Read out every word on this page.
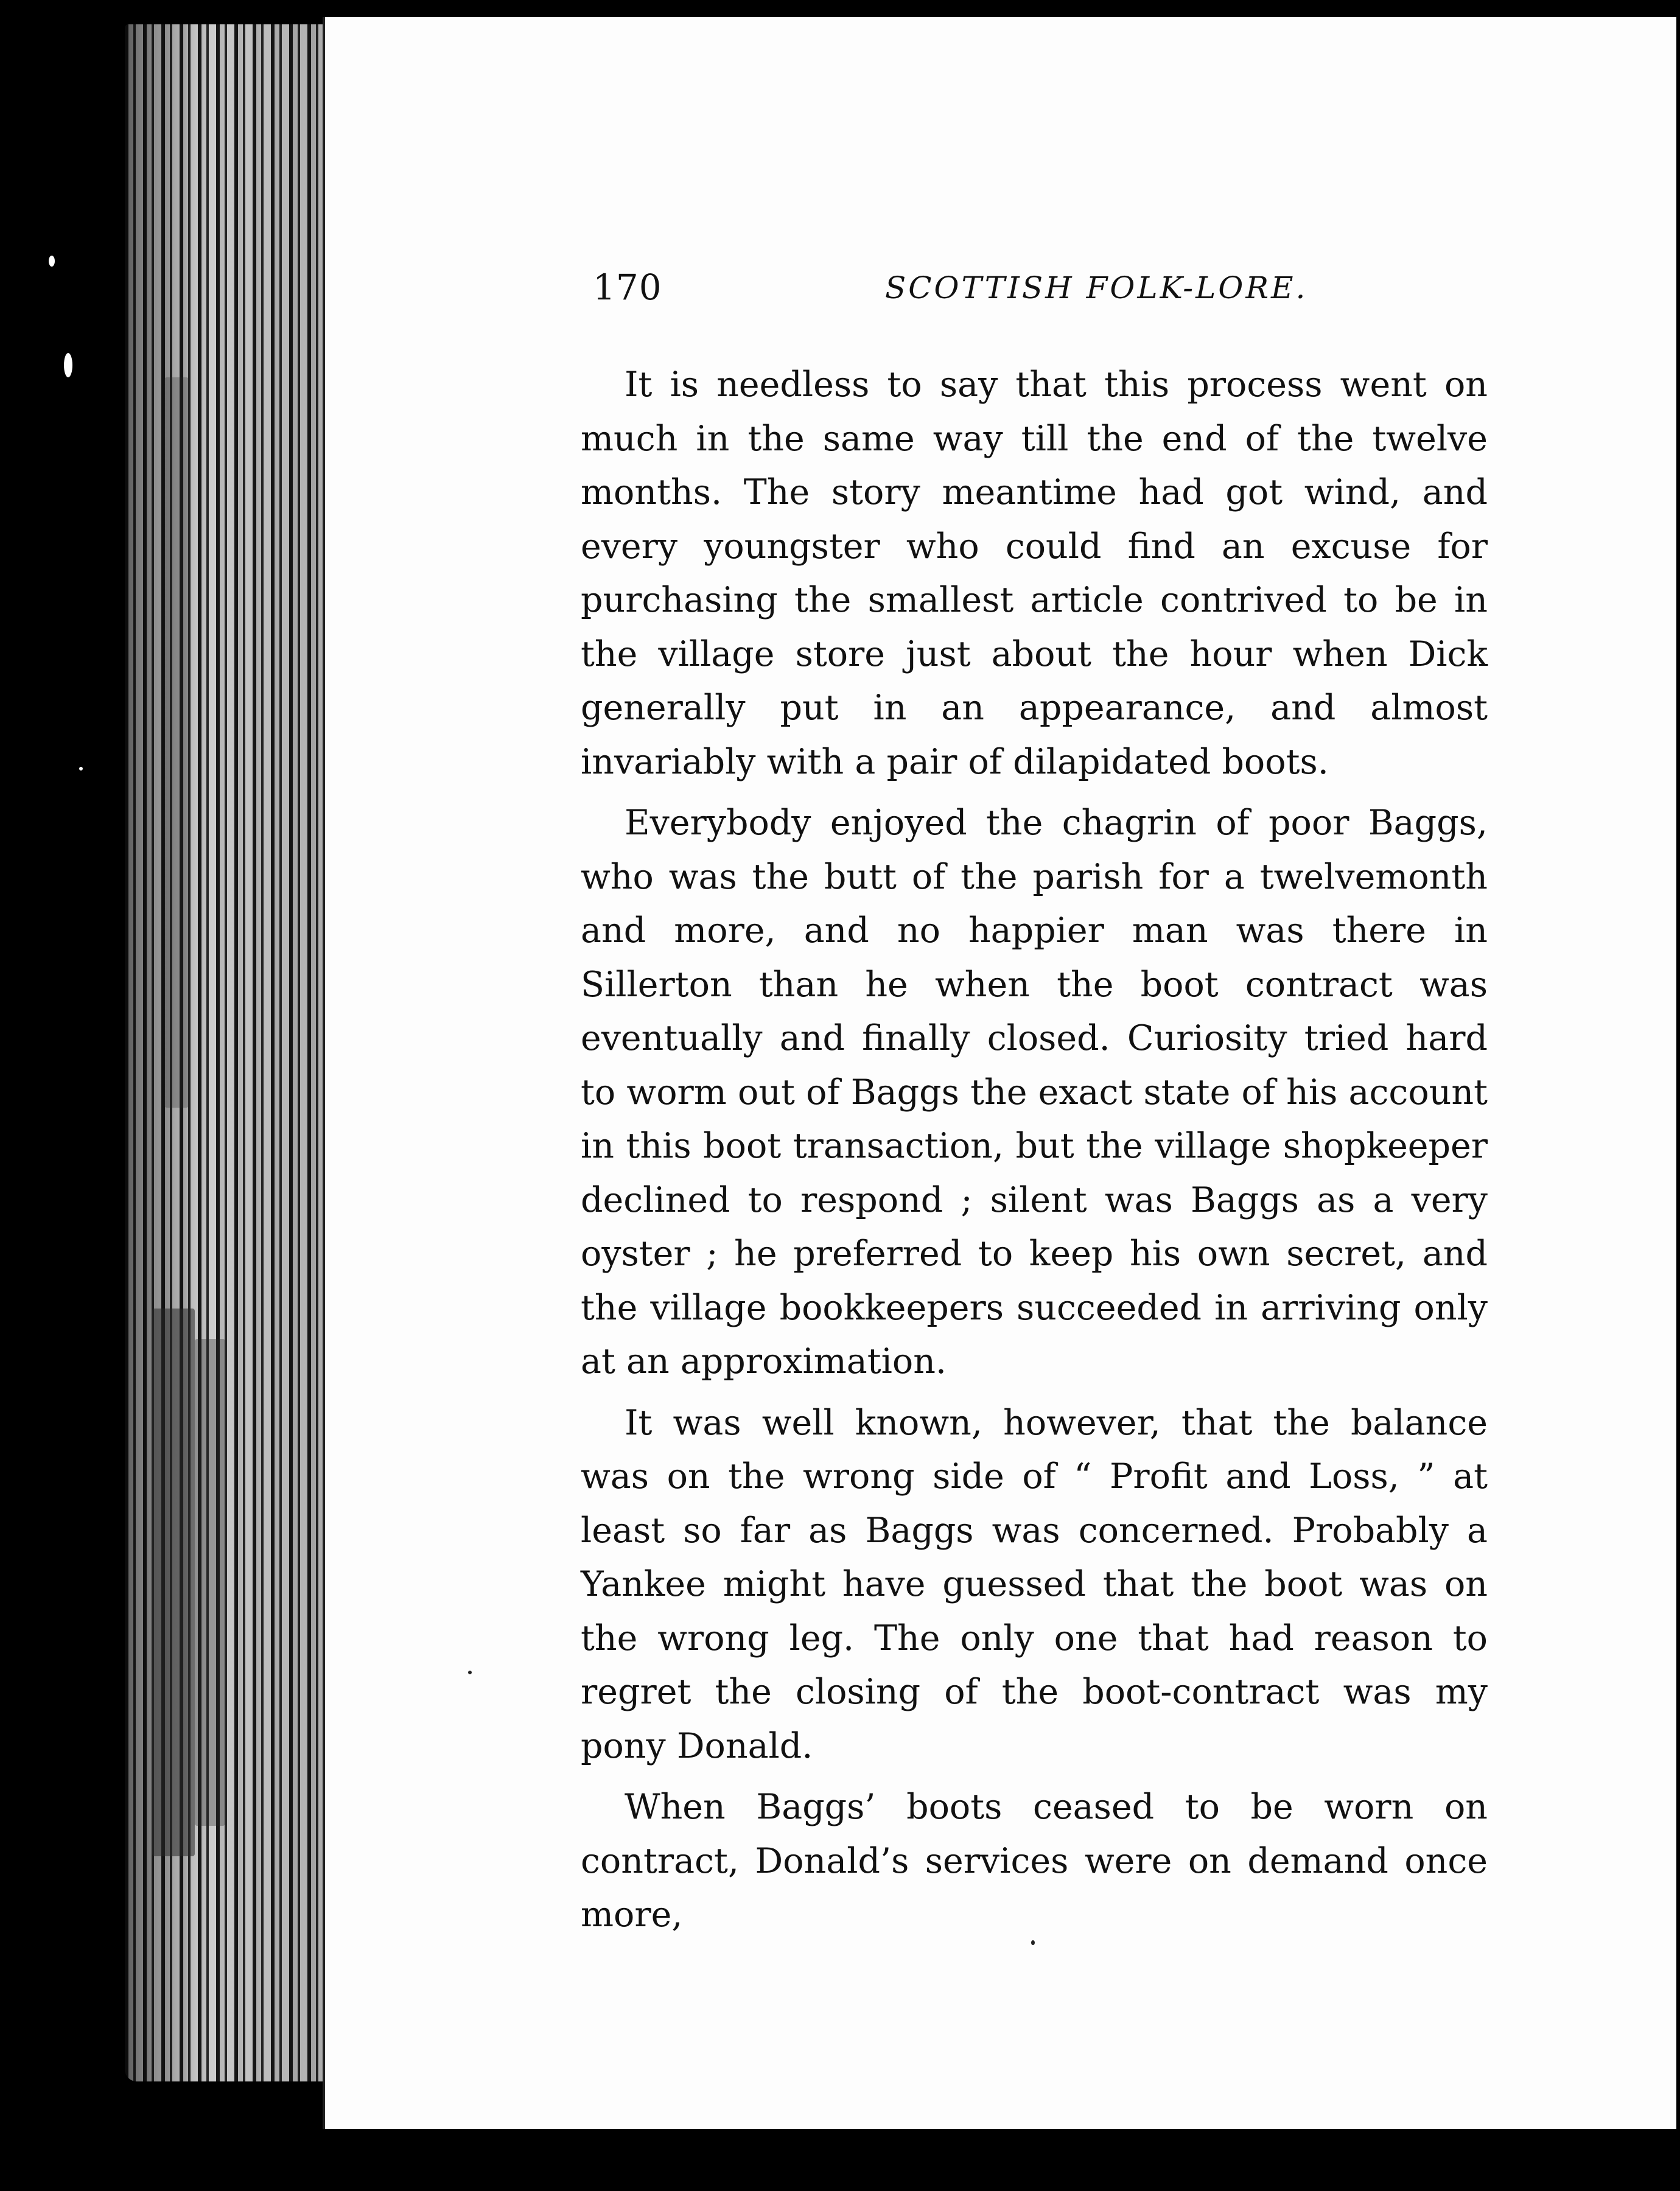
170	SCOTTISH FOLK-LORE.

It is needless to say that this process went on much in the same way till the end of the twelve months. The story meantime had got wind, and every youngster who could find an excuse for purchasing the smallest article contrived to be in the village store just about the hour when Dick generally put in an appearance, and almost invariably with a pair of dilapidated boots.

Everybody enjoyed the chagrin of poor Baggs, who was the butt of the parish for a twelvemonth and more, and no happier man was there in Sillerton than he when the boot contract was eventually and finally closed. Curiosity tried hard to worm out of Baggs the exact state of his account in this boot transaction, but the village shopkeeper declined to respond ; silent was Baggs as a very oyster ; he preferred to keep his own secret, and the village bookkeepers succeeded in arriving only at an approximation.

It was well known, however, that the balance was on the wrong side of “ Profit and Loss, ” at least so far as Baggs was concerned. Probably a Yankee might have guessed that the boot was on the wrong leg. The only one that had reason to regret the closing of the boot-contract was my pony Donald.

When Baggs’ boots ceased to be worn on contract, Donald’s services were on demand once more,
